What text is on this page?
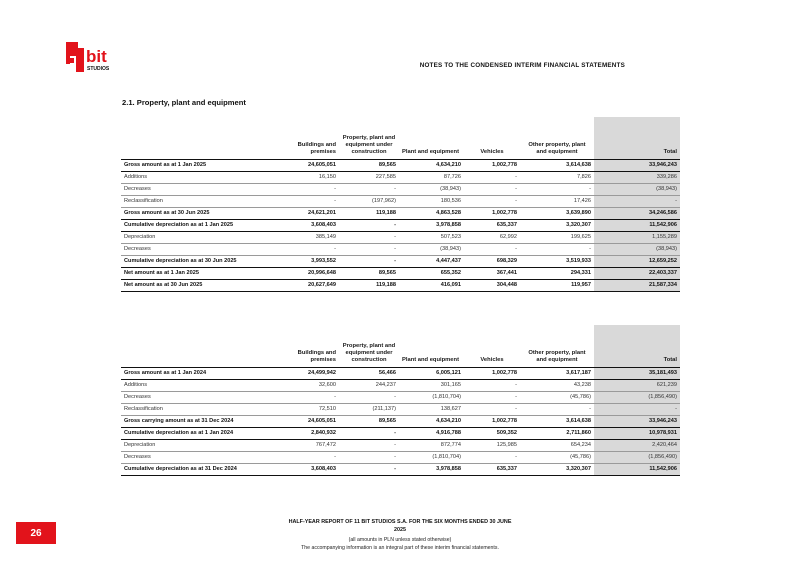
bit
STUDIOS	NOTES TO THE CONDENSED INTERIM FINANCIAL STATEMENTS
2.1. Property, plant and equipment
	Buildings and premises	Property, plant and equipment under construction	Plant and equipment	Vehicles	Other property, plant and equipment	Total
Gross amount as at 1 Jan 2025	24,605,051	89,565	4,634,210	1,002,778	3,614,638	33,946,243
Additions	16,150	227,585	87,726	-	7,826	339,286
Decreases	-	-	(38,943)	-	-	(38,943)
Reclassification	-	(197,962)	180,536	-	17,426	-
Gross amount as at 30 Jun 2025	24,621,201	119,188	4,863,528	1,002,778	3,639,890	34,246,586
Cumulative depreciation as at 1 Jan 2025	3,608,403	-	3,978,858	635,337	3,320,307	11,542,906
Depreciation	385,149	-	507,523	62,992	199,625	1,155,289
Decreases	-	-	(38,943)	-	-	(38,943)
Cumulative depreciation as at 30 Jun 2025	3,993,552	-	4,447,437	698,329	3,519,933	12,659,252
Net amount as at 1 Jan 2025	20,996,648	89,565	655,352	367,441	294,331	22,403,337
Net amount as at 30 Jun 2025	20,627,649	119,188	416,091	304,448	119,957	21,587,334
	Buildings and premises	Property, plant and equipment under construction	Plant and equipment	Vehicles	Other property, plant and equipment	Total
Gross amount as at 1 Jan 2024	24,499,942	56,466	6,005,121	1,002,778	3,617,187	35,181,493
Additions	32,600	244,237	301,165	-	43,238	621,239
Decreases	-	-	(1,810,704)	-	(45,786)	(1,856,490)
Reclassification	72,510	(211,137)	138,627	-	-	-
Gross carrying amount as at 31 Dec 2024	24,605,051	89,565	4,634,210	1,002,778	3,614,638	33,946,243
Cumulative depreciation as at 1 Jan 2024	2,840,932	-	4,916,788	509,352	2,711,860	10,978,931
Depreciation	767,472	-	872,774	125,985	654,234	2,420,464
Decreases	-	-	(1,810,704)	-	(45,786)	(1,856,490)
Cumulative depreciation as at 31 Dec 2024	3,608,403	-	3,978,858	635,337	3,320,307	11,542,906
26
HALF-YEAR REPORT OF 11 BIT STUDIOS S.A. FOR THE SIX MONTHS ENDED 30 JUNE
2025
(all amounts in PLN unless stated otherwise)
The accompanying information is an integral part of these interim financial statements.
